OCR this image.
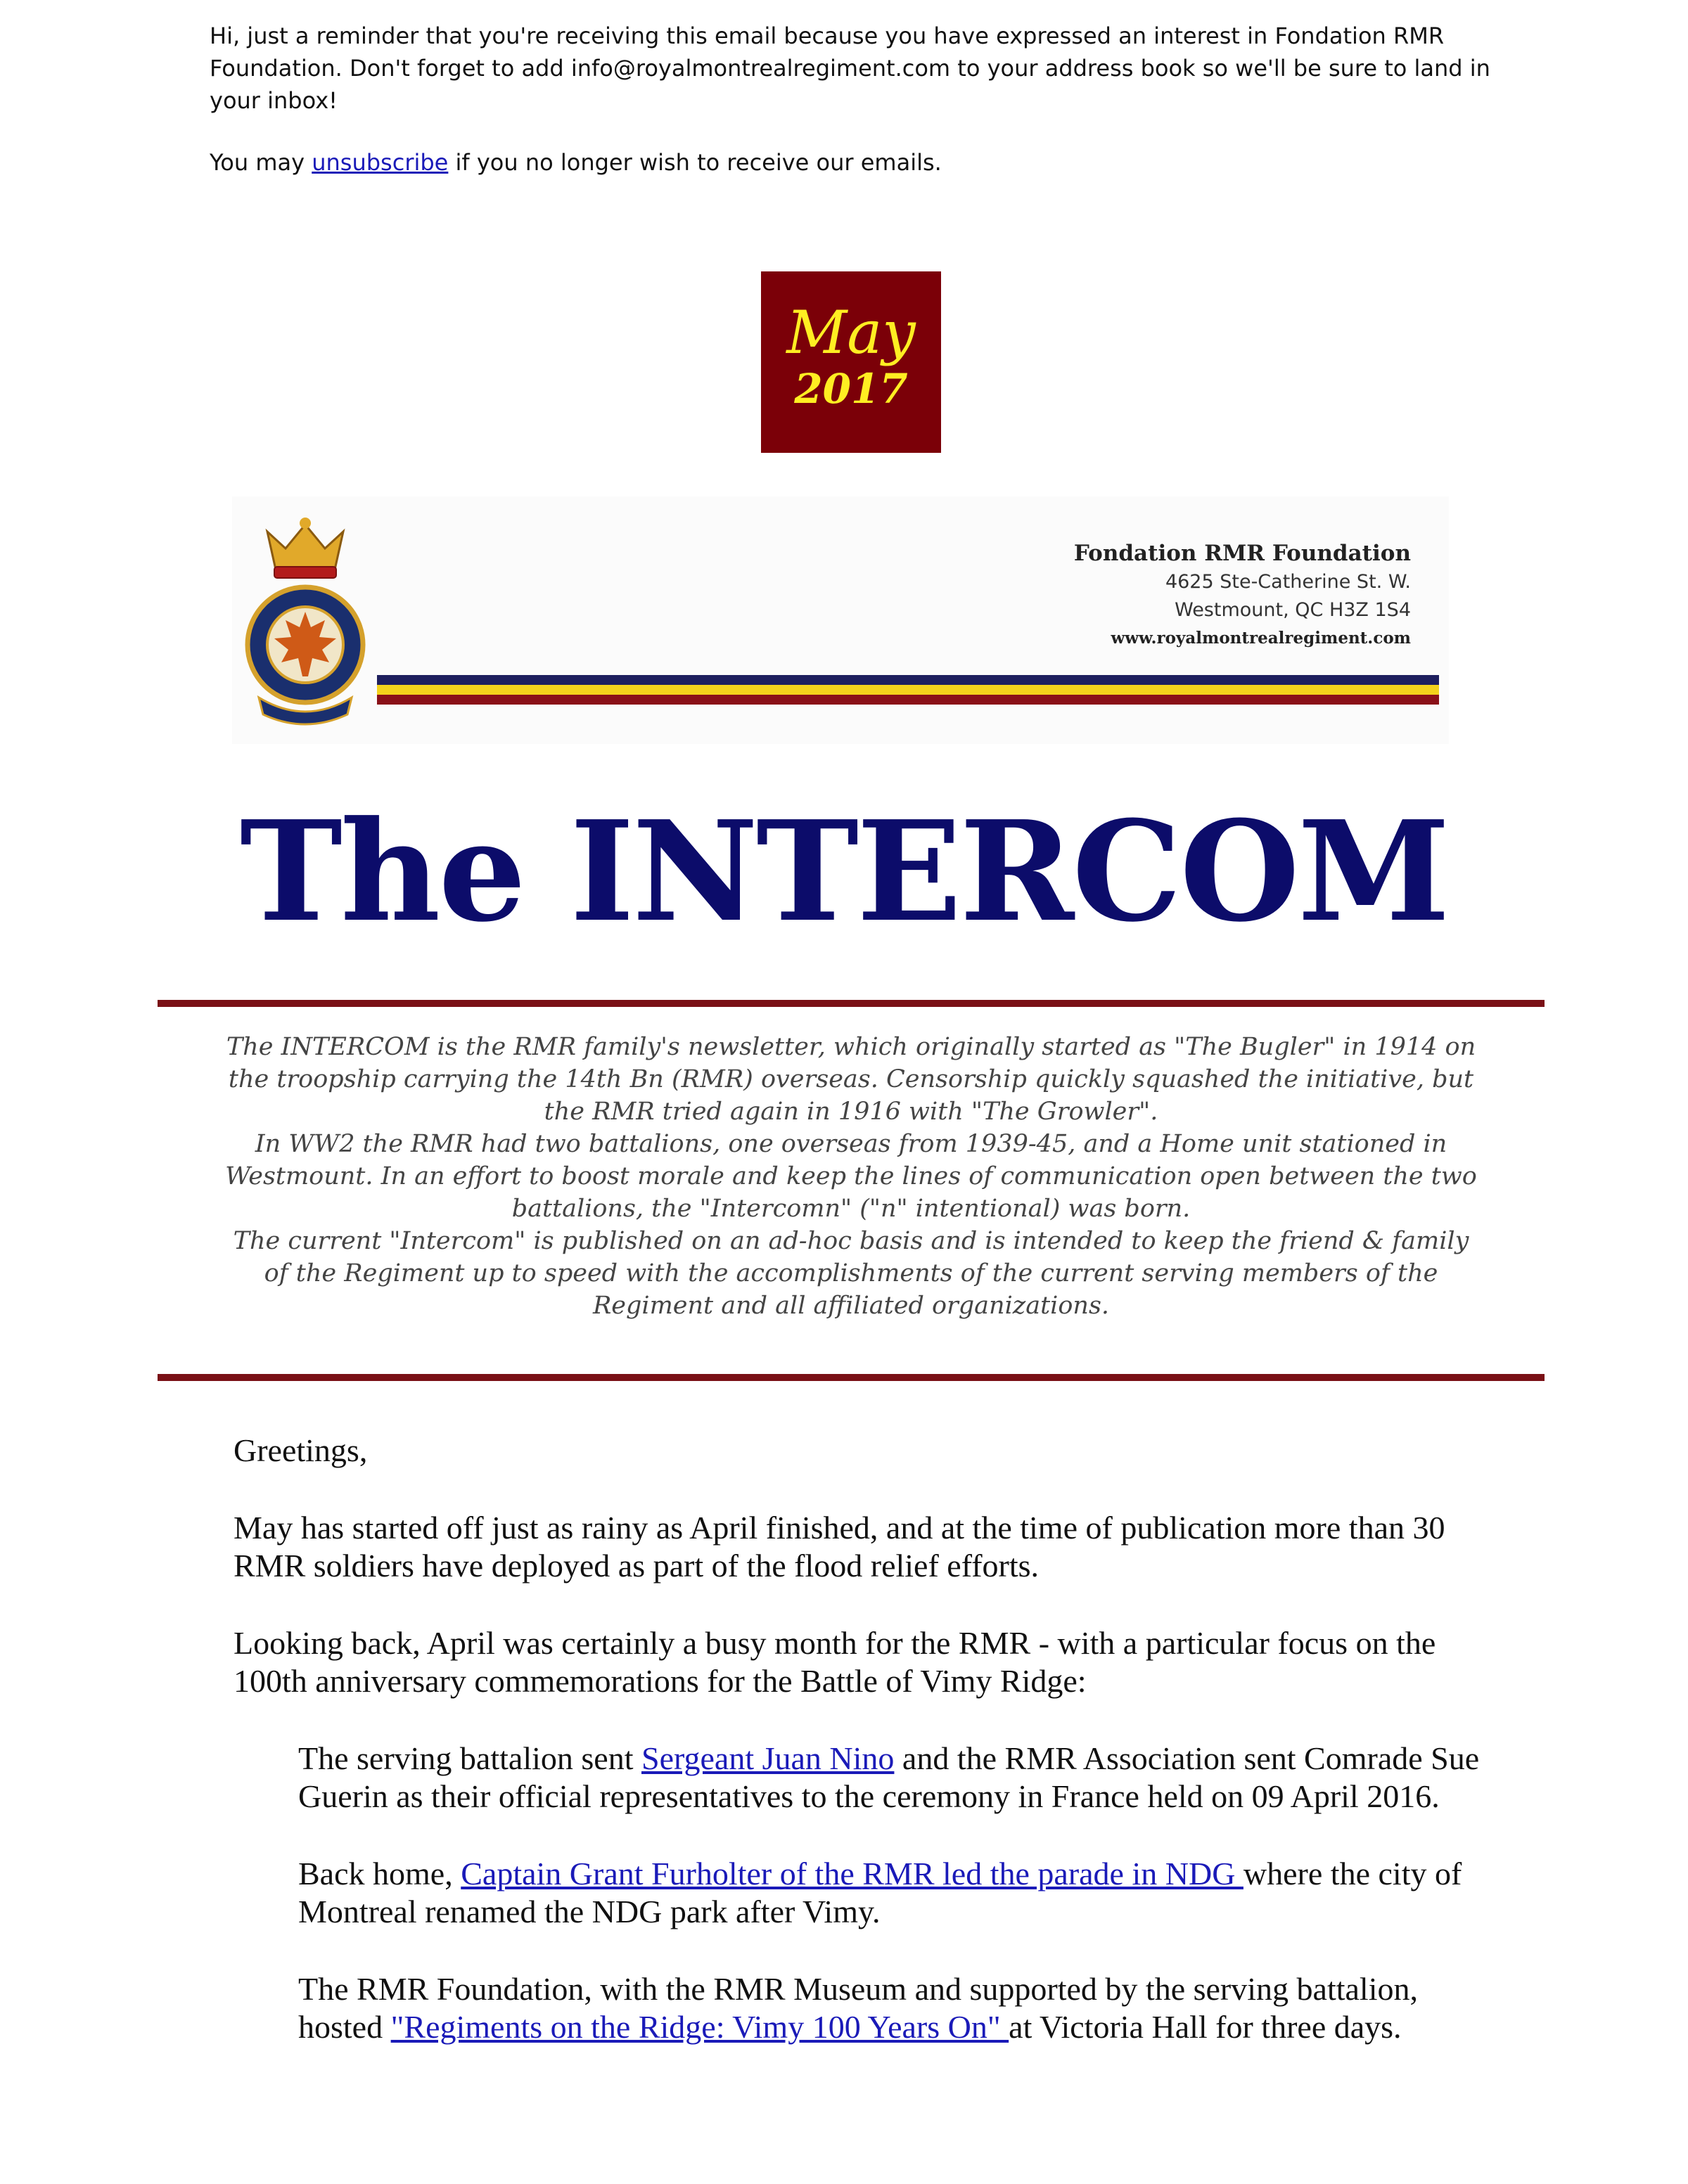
Hi, just a reminder that you're receiving this email because you have expressed an interest in Fondation RMR Foundation. Don't forget to add info@royalmontrealregiment.com to your address book so we'll be sure to land in your inbox!

You may unsubscribe if you no longer wish to receive our emails.

May
2017
Fondation RMR Foundation
4625 Ste-Catherine St. W.
Westmount, QC H3Z 1S4
www.royalmontrealregiment.com
The INTERCOM

The INTERCOM is the RMR family's newsletter, which originally started as "The Bugler" in 1914 on the troopship carrying the 14th Bn (RMR) overseas. Censorship quickly squashed the initiative, but the RMR tried again in 1916 with "The Growler".

In WW2 the RMR had two battalions, one overseas from 1939-45, and a Home unit stationed in Westmount. In an effort to boost morale and keep the lines of communication open between the two battalions, the "Intercomn" ("n" intentional) was born.

The current "Intercom" is published on an ad-hoc basis and is intended to keep the friend & family of the Regiment up to speed with the accomplishments of the current serving members of the Regiment and all affiliated organizations.

Greetings,

May has started off just as rainy as April finished, and at the time of publication more than 30 RMR soldiers have deployed as part of the flood relief efforts.

Looking back, April was certainly a busy month for the RMR - with a particular focus on the 100th anniversary commemorations for the Battle of Vimy Ridge:

The serving battalion sent Sergeant Juan Nino and the RMR Association sent Comrade Sue Guerin as their official representatives to the ceremony in France held on 09 April 2016.

Back home, Captain Grant Furholter of the RMR led the parade in NDG where the city of Montreal renamed the NDG park after Vimy.

The RMR Foundation, with the RMR Museum and supported by the serving battalion, hosted "Regiments on the Ridge: Vimy 100 Years On" at Victoria Hall for three days.
